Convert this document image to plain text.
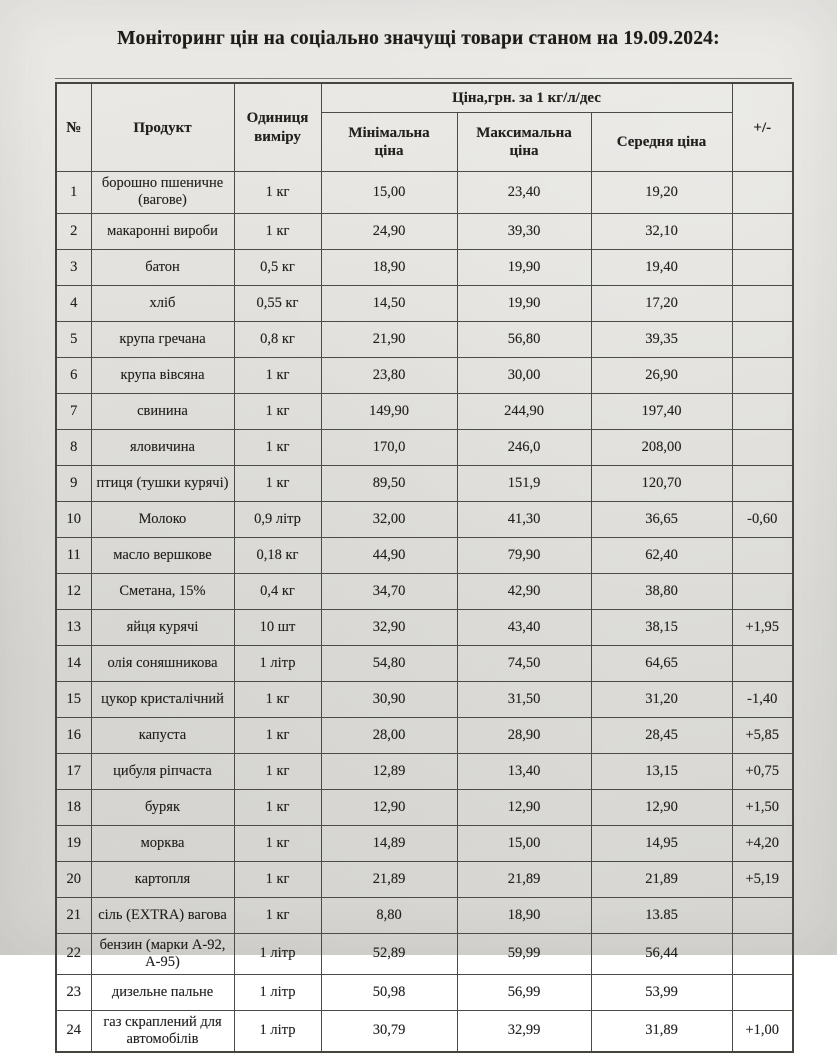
Моніторинг цін на соціально значущі товари станом на 19.09.2024:
№	Продукт	Одиниця виміру	Ціна,грн. за 1 кг/л/дес			+/-

			Мінімальна ціна	Максимальна ціна	Середня ціна	

1	борошно пшеничне (вагове)	1 кг	15,00	23,40	19,20	
2	макаронні вироби	1 кг	24,90	39,30	32,10	
3	батон	0,5 кг	18,90	19,90	19,40	
4	хліб	0,55 кг	14,50	19,90	17,20	
5	крупа гречана	0,8 кг	21,90	56,80	39,35	
6	крупа вівсяна	1 кг	23,80	30,00	26,90	
7	свинина	1 кг	149,90	244,90	197,40	
8	яловичина	1 кг	170,0	246,0	208,00	
9	птиця (тушки курячі)	1 кг	89,50	151,9	120,70	
10	Молоко	0,9 літр	32,00	41,30	36,65	-0,60
11	масло вершкове	0,18 кг	44,90	79,90	62,40	
12	Сметана, 15%	0,4 кг	34,70	42,90	38,80	
13	яйця курячі	10 шт	32,90	43,40	38,15	+1,95
14	олія соняшникова	1 літр	54,80	74,50	64,65	
15	цукор кристалічний	1 кг	30,90	31,50	31,20	-1,40
16	капуста	1 кг	28,00	28,90	28,45	+5,85
17	цибуля ріпчаста	1 кг	12,89	13,40	13,15	+0,75
18	буряк	1 кг	12,90	12,90	12,90	+1,50
19	морква	1 кг	14,89	15,00	14,95	+4,20
20	картопля	1 кг	21,89	21,89	21,89	+5,19
21	сіль (EXTRA) вагова	1 кг	8,80	18,90	13.85	
22	бензин (марки А-92, А-95)	1 літр	52,89	59,99	56,44	
23	дизельне пальне	1 літр	50,98	56,99	53,99	
24	газ скраплений для автомобілів	1 літр	30,79	32,99	31,89	+1,00
